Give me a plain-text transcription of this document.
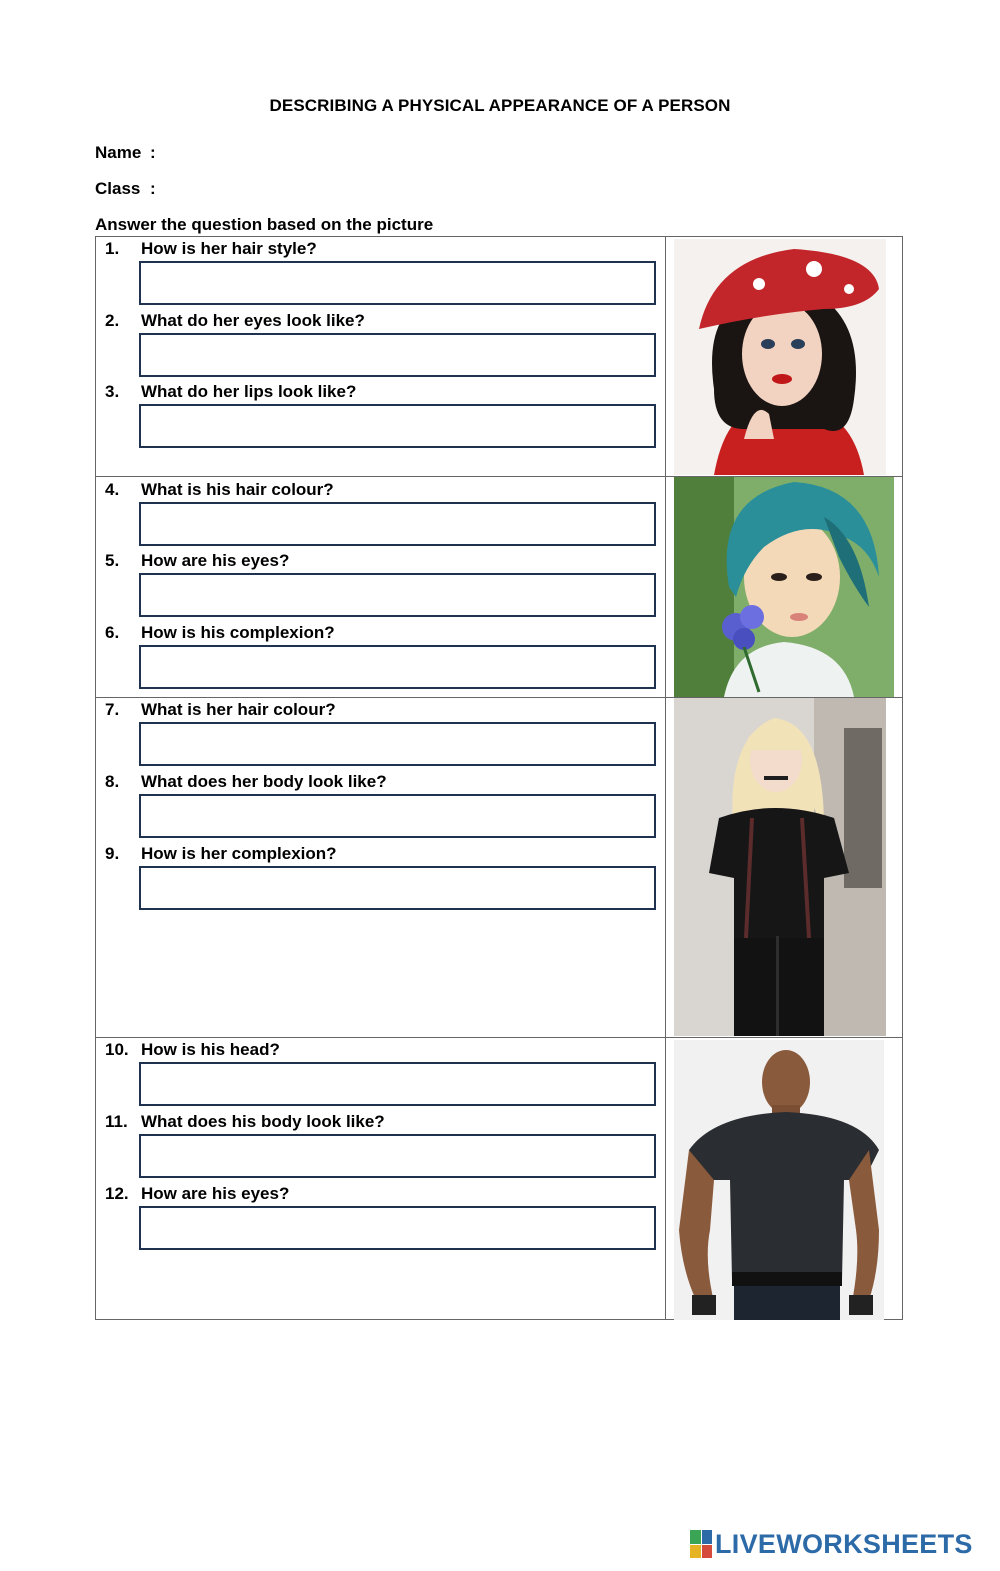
DESCRIBING A PHYSICAL APPEARANCE OF A PERSON
Name :
Class :
Answer the question based on the picture
1. How is her hair style?
2. What do her eyes look like?
3. What do her lips look like?
4. What is his hair colour?
5. How are his eyes?
6. How is his complexion?
7. What is her hair colour?
8. What does her body look like?
9. How is her complexion?
10. How is his head?
11. What does his body look like?
12. How are his eyes?
LIVEWORKSHEETS
